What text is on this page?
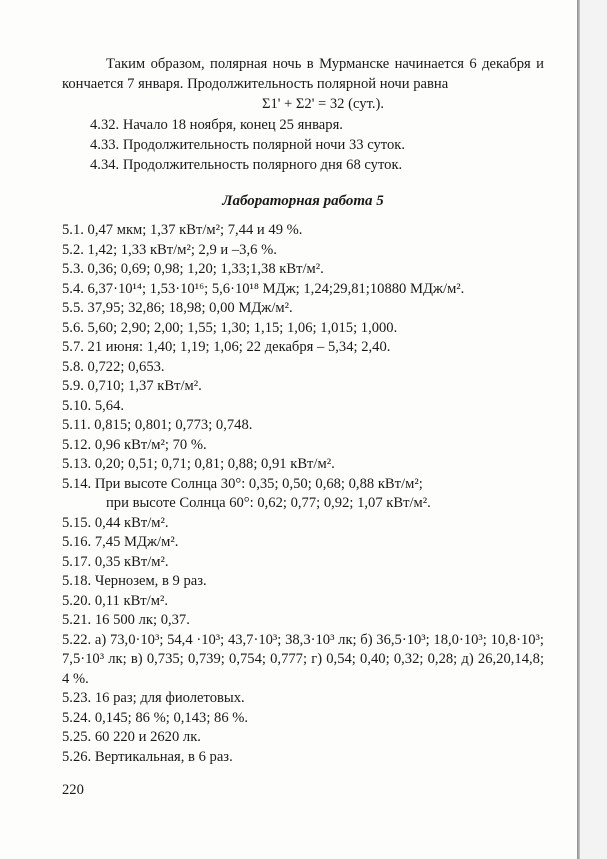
Таким образом, полярная ночь в Мурманске начинается 6 декабря и кончается 7 января. Продолжительность полярной ночи равна

Σ1' + Σ2' = 32 (сут.).

4.32. Начало 18 ноября, конец 25 января.

4.33. Продолжительность полярной ночи 33 суток.

4.34. Продолжительность полярного дня 68 суток.

Лабораторная работа 5

5.1. 0,47 мкм; 1,37 кВт/м²; 7,44 и 49 %.

5.2. 1,42; 1,33 кВт/м²; 2,9 и –3,6 %.

5.3. 0,36; 0,69; 0,98; 1,20; 1,33;1,38 кВт/м².

5.4. 6,37·10¹⁴; 1,53·10¹⁶; 5,6·10¹⁸ МДж; 1,24;29,81;10880 МДж/м².

5.5. 37,95; 32,86; 18,98; 0,00 МДж/м².

5.6. 5,60; 2,90; 2,00; 1,55; 1,30; 1,15; 1,06; 1,015; 1,000.

5.7. 21 июня: 1,40; 1,19; 1,06; 22 декабря – 5,34; 2,40.

5.8. 0,722; 0,653.

5.9. 0,710; 1,37 кВт/м².

5.10. 5,64.

5.11. 0,815; 0,801; 0,773; 0,748.

5.12. 0,96 кВт/м²; 70 %.

5.13. 0,20; 0,51; 0,71; 0,81; 0,88; 0,91 кВт/м².

5.14. При высоте Солнца 30°: 0,35; 0,50; 0,68; 0,88 кВт/м²;

при высоте Солнца 60°: 0,62; 0,77; 0,92; 1,07 кВт/м².

5.15. 0,44 кВт/м².

5.16. 7,45 МДж/м².

5.17. 0,35 кВт/м².

5.18. Чернозем, в 9 раз.

5.20. 0,11 кВт/м².

5.21. 16 500 лк; 0,37.

5.22. а) 73,0·10³; 54,4 ·10³; 43,7·10³; 38,3·10³ лк; б) 36,5·10³; 18,0·10³; 10,8·10³; 7,5·10³ лк; в) 0,735; 0,739; 0,754; 0,777; г) 0,54; 0,40; 0,32; 0,28; д) 26,20,14,8; 4 %.

5.23. 16 раз; для фиолетовых.

5.24. 0,145; 86 %; 0,143; 86 %.

5.25. 60 220 и 2620 лк.

5.26. Вертикальная, в 6 раз.

220
